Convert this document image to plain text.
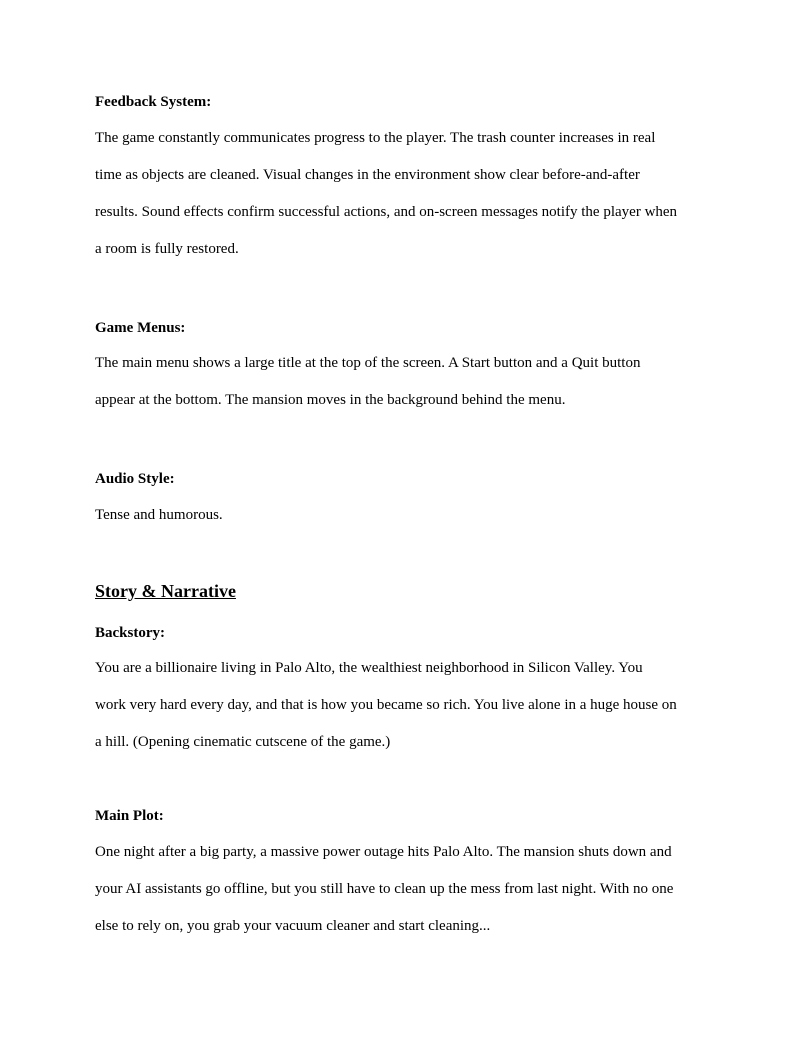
Feedback System:
The game constantly communicates progress to the player. The trash counter increases in real
time as objects are cleaned. Visual changes in the environment show clear before-and-after
results. Sound effects confirm successful actions, and on-screen messages notify the player when
a room is fully restored.
Game Menus:
The main menu shows a large title at the top of the screen. A Start button and a Quit button
appear at the bottom. The mansion moves in the background behind the menu.
Audio Style:
Tense and humorous.
Story & Narrative
Backstory:
You are a billionaire living in Palo Alto, the wealthiest neighborhood in Silicon Valley. You
work very hard every day, and that is how you became so rich. You live alone in a huge house on
a hill. (Opening cinematic cutscene of the game.)
Main Plot:
One night after a big party, a massive power outage hits Palo Alto. The mansion shuts down and
your AI assistants go offline, but you still have to clean up the mess from last night. With no one
else to rely on, you grab your vacuum cleaner and start cleaning...
